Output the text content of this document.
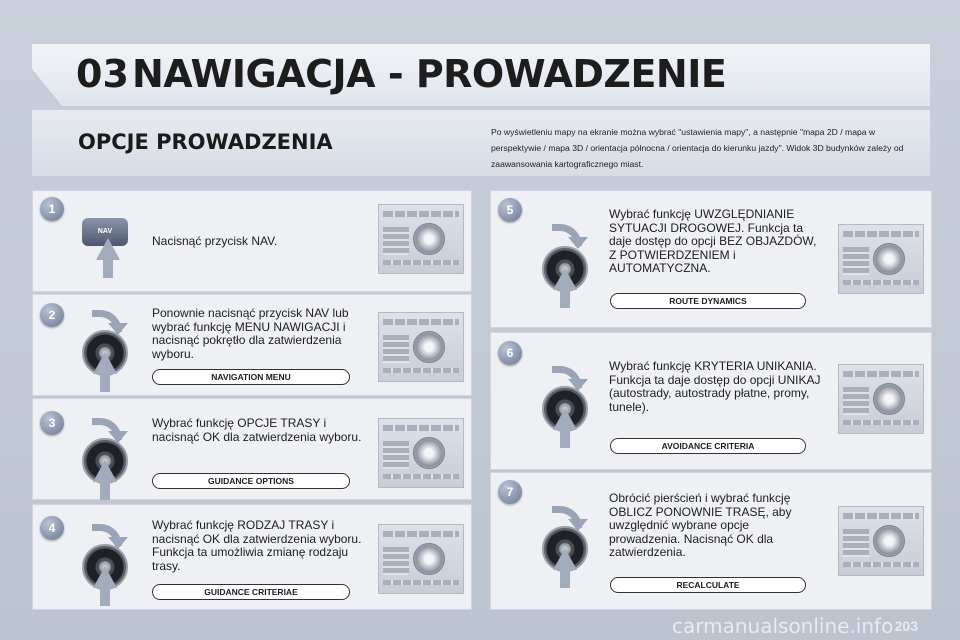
03 NAWIGACJA - PROWADZENIE
OPCJE PROWADZENIA	Po wyświetleniu mapy na ekranie można wybrać "ustawienia mapy", a następnie "mapa 2D / mapa w perspektywie / mapa 3D / orientacja północna / orientacja do kierunku jazdy". Widok 3D budynków zależy od zaawansowania kartograficznego miast.
1
NAV
Nacisnąć przycisk NAV.
2	Ponownie nacisnąć przycisk NAV lub wybrać funkcję MENU NAWIGACJI i nacisnąć pokrętło dla zatwierdzenia wyboru.
NAVIGATION MENU
3	Wybrać funkcję OPCJE TRASY i nacisnąć OK dla zatwierdzenia wyboru.
GUIDANCE OPTIONS
4	Wybrać funkcję RODZAJ TRASY i nacisnąć OK dla zatwierdzenia wyboru. Funkcja ta umożliwia zmianę rodzaju trasy.
GUIDANCE CRITERIAE
5	Wybrać funkcję UWZGLĘDNIANIE SYTUACJI DROGOWEJ. Funkcja ta daje dostęp do opcji BEZ OBJAZDÓW, Z POTWIERDZENIEM i AUTOMATYCZNA.
ROUTE DYNAMICS
6
Wybrać funkcję KRYTERIA UNIKANIA. Funkcja ta daje dostęp do opcji UNIKAJ (autostrady, autostrady płatne, promy, tunele).
AVOIDANCE CRITERIA
7	Obrócić pierścień i wybrać funkcję OBLICZ PONOWNIE TRASĘ, aby uwzględnić wybrane opcje prowadzenia. Nacisnąć OK dla zatwierdzenia.
RECALCULATE
203
carmanualsonline.info
